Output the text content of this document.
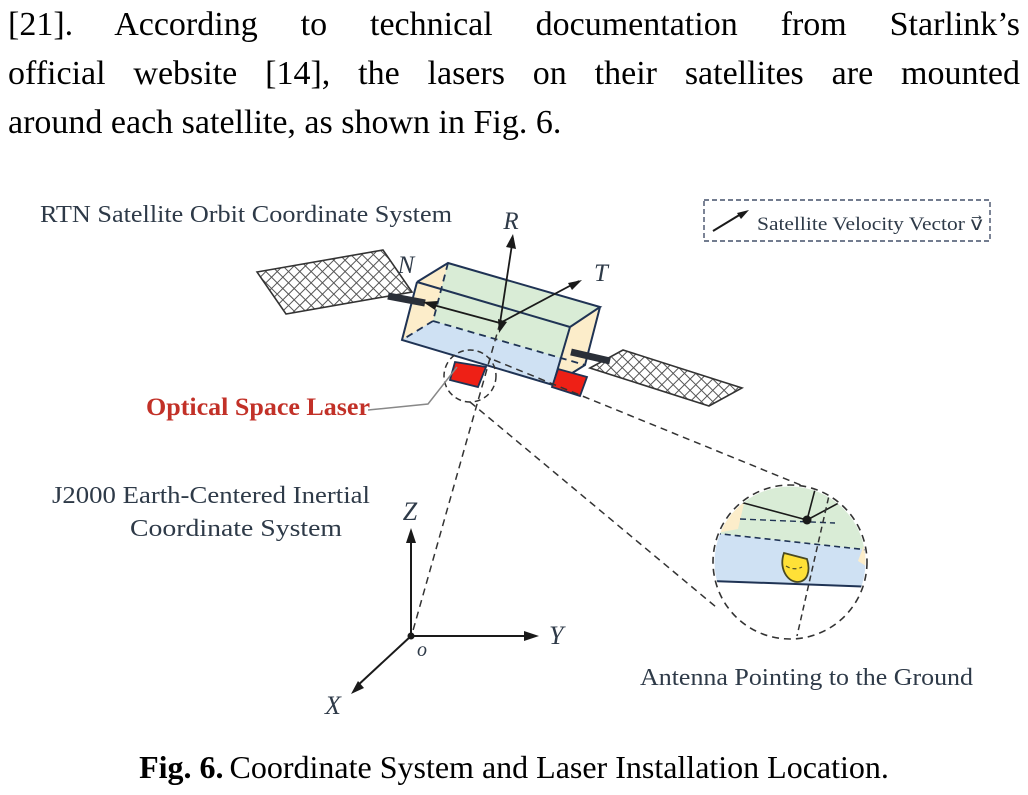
[21]. According to technical documentation from Starlink’s
official website [14], the lasers on their satellites are mounted
around each satellite, as shown in Fig. 6.
R
T
N
Z
Y
X
o
Satellite Velocity Vector v⃗
RTN Satellite Orbit Coordinate System
Optical Space Laser
J2000 Earth-Centered Inertial
Coordinate System
Antenna Pointing to the Ground
Fig. 6. Coordinate System and Laser Installation Location.
